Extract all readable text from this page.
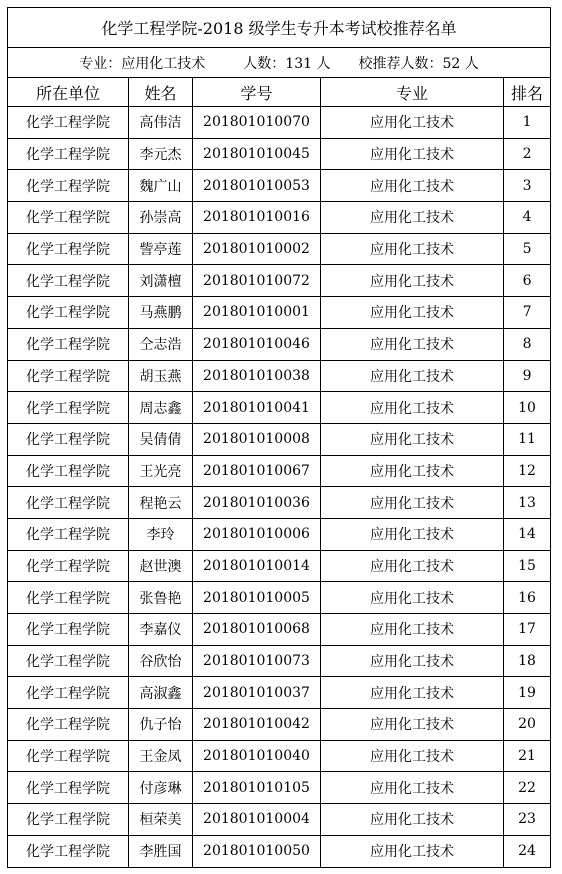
化学工程学院-2018 级学生专升本考试校推荐名单				
专业：应用化工技术 人数：131 人 校推荐人数：52 人				
所在单位	姓名	学号	专业	排名
化学工程学院	高伟洁	201801010070	应用化工技术	1
化学工程学院	李元杰	201801010045	应用化工技术	2
化学工程学院	魏广山	201801010053	应用化工技术	3
化学工程学院	孙崇高	201801010016	应用化工技术	4
化学工程学院	訾亭莲	201801010002	应用化工技术	5
化学工程学院	刘潇檀	201801010072	应用化工技术	6
化学工程学院	马燕鹏	201801010001	应用化工技术	7
化学工程学院	仝志浩	201801010046	应用化工技术	8
化学工程学院	胡玉燕	201801010038	应用化工技术	9
化学工程学院	周志鑫	201801010041	应用化工技术	10
化学工程学院	吴倩倩	201801010008	应用化工技术	11
化学工程学院	王光亮	201801010067	应用化工技术	12
化学工程学院	程艳云	201801010036	应用化工技术	13
化学工程学院	李玲	201801010006	应用化工技术	14
化学工程学院	赵世澳	201801010014	应用化工技术	15
化学工程学院	张鲁艳	201801010005	应用化工技术	16
化学工程学院	李嘉仪	201801010068	应用化工技术	17
化学工程学院	谷欣怡	201801010073	应用化工技术	18
化学工程学院	高淑鑫	201801010037	应用化工技术	19
化学工程学院	仇子怡	201801010042	应用化工技术	20
化学工程学院	王金凤	201801010040	应用化工技术	21
化学工程学院	付彦琳	201801010105	应用化工技术	22
化学工程学院	桓荣美	201801010004	应用化工技术	23
化学工程学院	李胜国	201801010050	应用化工技术	24
